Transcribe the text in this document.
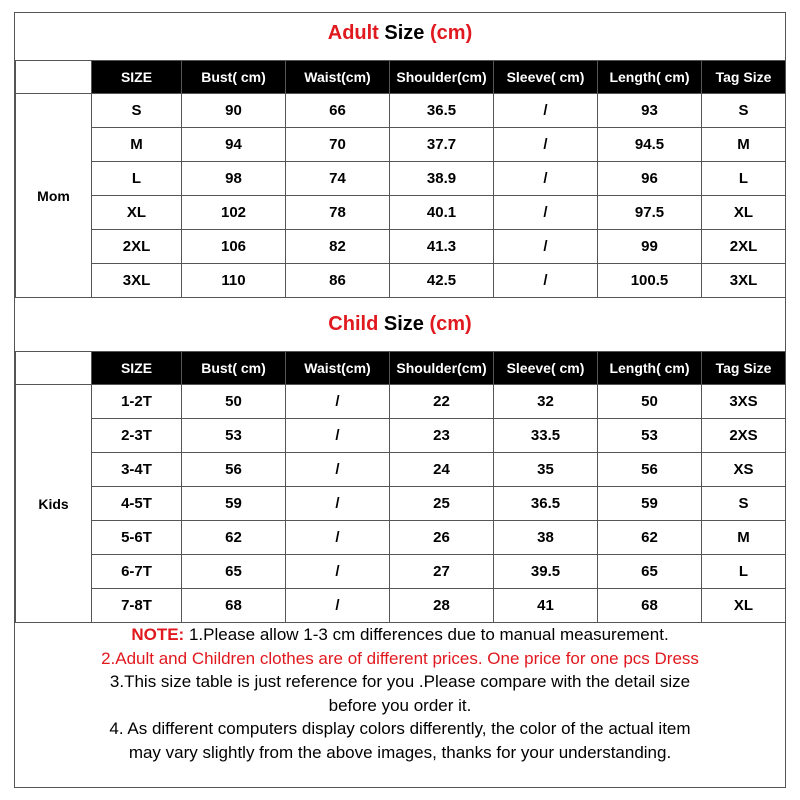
Adult Size (cm)
	SIZE	Bust( cm)	Waist(cm)	Shoulder(cm)	Sleeve( cm)	Length( cm)	Tag Size
Mom	S	90	66	36.5	/	93	S
	M	94	70	37.7	/	94.5	M
	L	98	74	38.9	/	96	L
	XL	102	78	40.1	/	97.5	XL
	2XL	106	82	41.3	/	99	2XL
	3XL	110	86	42.5	/	100.5	3XL
Child Size (cm)
	SIZE	Bust( cm)	Waist(cm)	Shoulder(cm)	Sleeve( cm)	Length( cm)	Tag Size
Kids	1-2T	50	/	22	32	50	3XS
	2-3T	53	/	23	33.5	53	2XS
	3-4T	56	/	24	35	56	XS
	4-5T	59	/	25	36.5	59	S
	5-6T	62	/	26	38	62	M
	6-7T	65	/	27	39.5	65	L
	7-8T	68	/	28	41	68	XL
NOTE: 1.Please allow 1-3 cm differences due to manual measurement.
2.Adult and Children clothes are of different prices. One price for one pcs Dress
3.This size table is just reference for you .Please compare with the detail size
before you order it.
4. As different computers display colors differently, the color of the actual item
may vary slightly from the above images, thanks for your understanding.
